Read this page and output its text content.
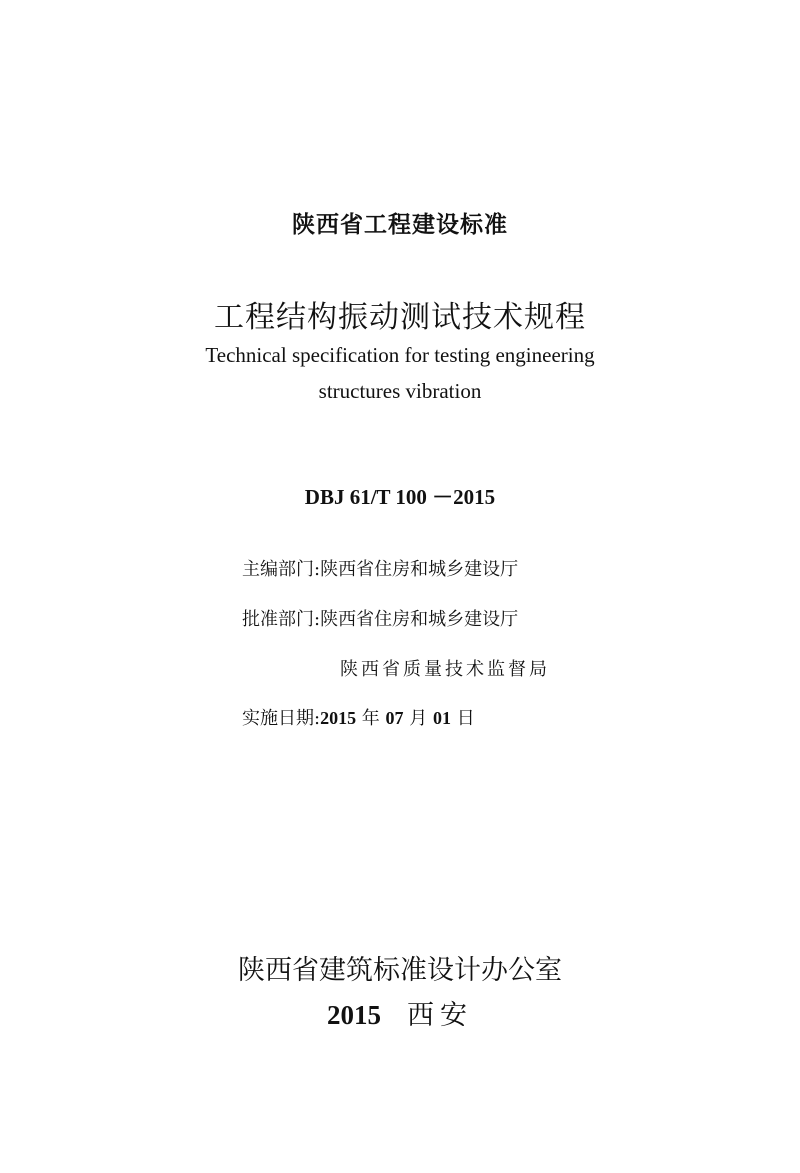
陕西省工程建设标准
工程结构振动测试技术规程
Technical specification for testing engineering
structures vibration
DBJ 61/T 100 －2015
主编部门:陕西省住房和城乡建设厅
批准部门:陕西省住房和城乡建设厅
陕西省质量技术监督局
实施日期:2015 年 07 月 01 日
陕西省建筑标准设计办公室
2015 西安
